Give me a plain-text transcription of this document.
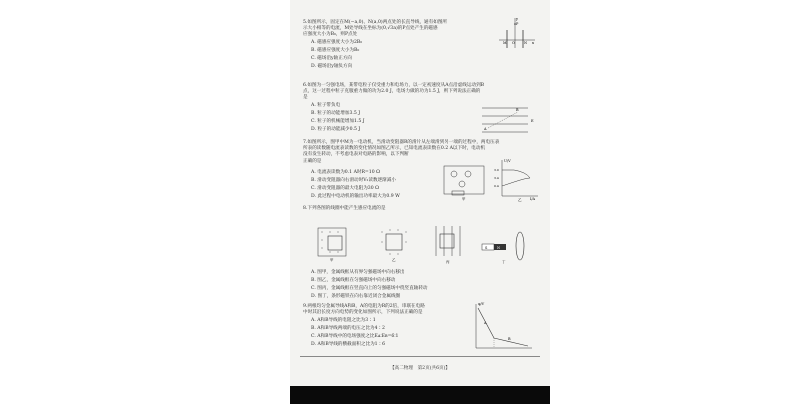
5.如图所示，固定在M(−a,0)、N(a,0)两点处的长直导线，通有如图所
示大小相等的电流，M处导线在坐标为(0,√3a)的P点处产生的磁感
应强度大小为B₀，则P点处
A. 磁感应强度大小为2B₀
B. 磁感应强度大小为B₀
C. 磁场沿y轴正方向
D. 磁场沿y轴负方向
y
P
M	N
O	x
6.如图为一匀强电场，某带电粒子仅受重力和电场力，以一定初速度从A点沿虚线运动到B
点，这一过程中粒子克服重力做的功为2.0 J，电场力做的功为1.5 J，则下列说法正确的
是
A. 粒子带负电
B. 粒子的动能增加3.5 J
C. 粒子的机械能增加1.5 J
D. 粒子的动能减少0.5 J	A
B
E
7.如图所示，图甲中M为一电动机，当滑动变阻器R的滑片从左端滑到另一端的过程中，两电压表
所表的读数随电流表读数的变化情况如图乙所示，已知电流表读数在0.2 A以下时，电动机
没有发生转动，不考虑电表对电路的影响，以下判断
正确的是
A. 电流表读数为0.1 A时R=10 Ω
B. 滑动变阻器向右滑动时V₂读数逐渐减小
C. 滑动变阻器的最大电阻为30 Ω
D. 此过程中电动机的输出功率最大为0.9 W	甲
U/V
I/A
3.0
3.4
0.4
乙
8.下列各图的线圈中能产生感应电流的是
甲	乙	丙
S	N
丁
A. 图甲，金属线框从有界匀强磁场中向右移出
B. 图乙，金属线框在匀强磁场中向右移动
C. 图丙，金属线框在竖直向上的匀强磁场中绕竖直轴转动
D. 图丁，条形磁铁在向右靠近闭合金属线圈
9.两根均匀金属导线A和B，A的电阻为R的2倍，串联在电路
中时其沿长度方向电势的变化如图所示，下列说法正确的是
A. A和B导线的电阻之比为3∶1
B. A和B导线两端的电压之比为4∶2
C. A和B导线中的电场强度之比Eᴀ∶Eʙ=6∶1
D. A和B导线的横截面积之比为1∶6
φ/V
A
B
【高二物理　第2页(共6页)】
